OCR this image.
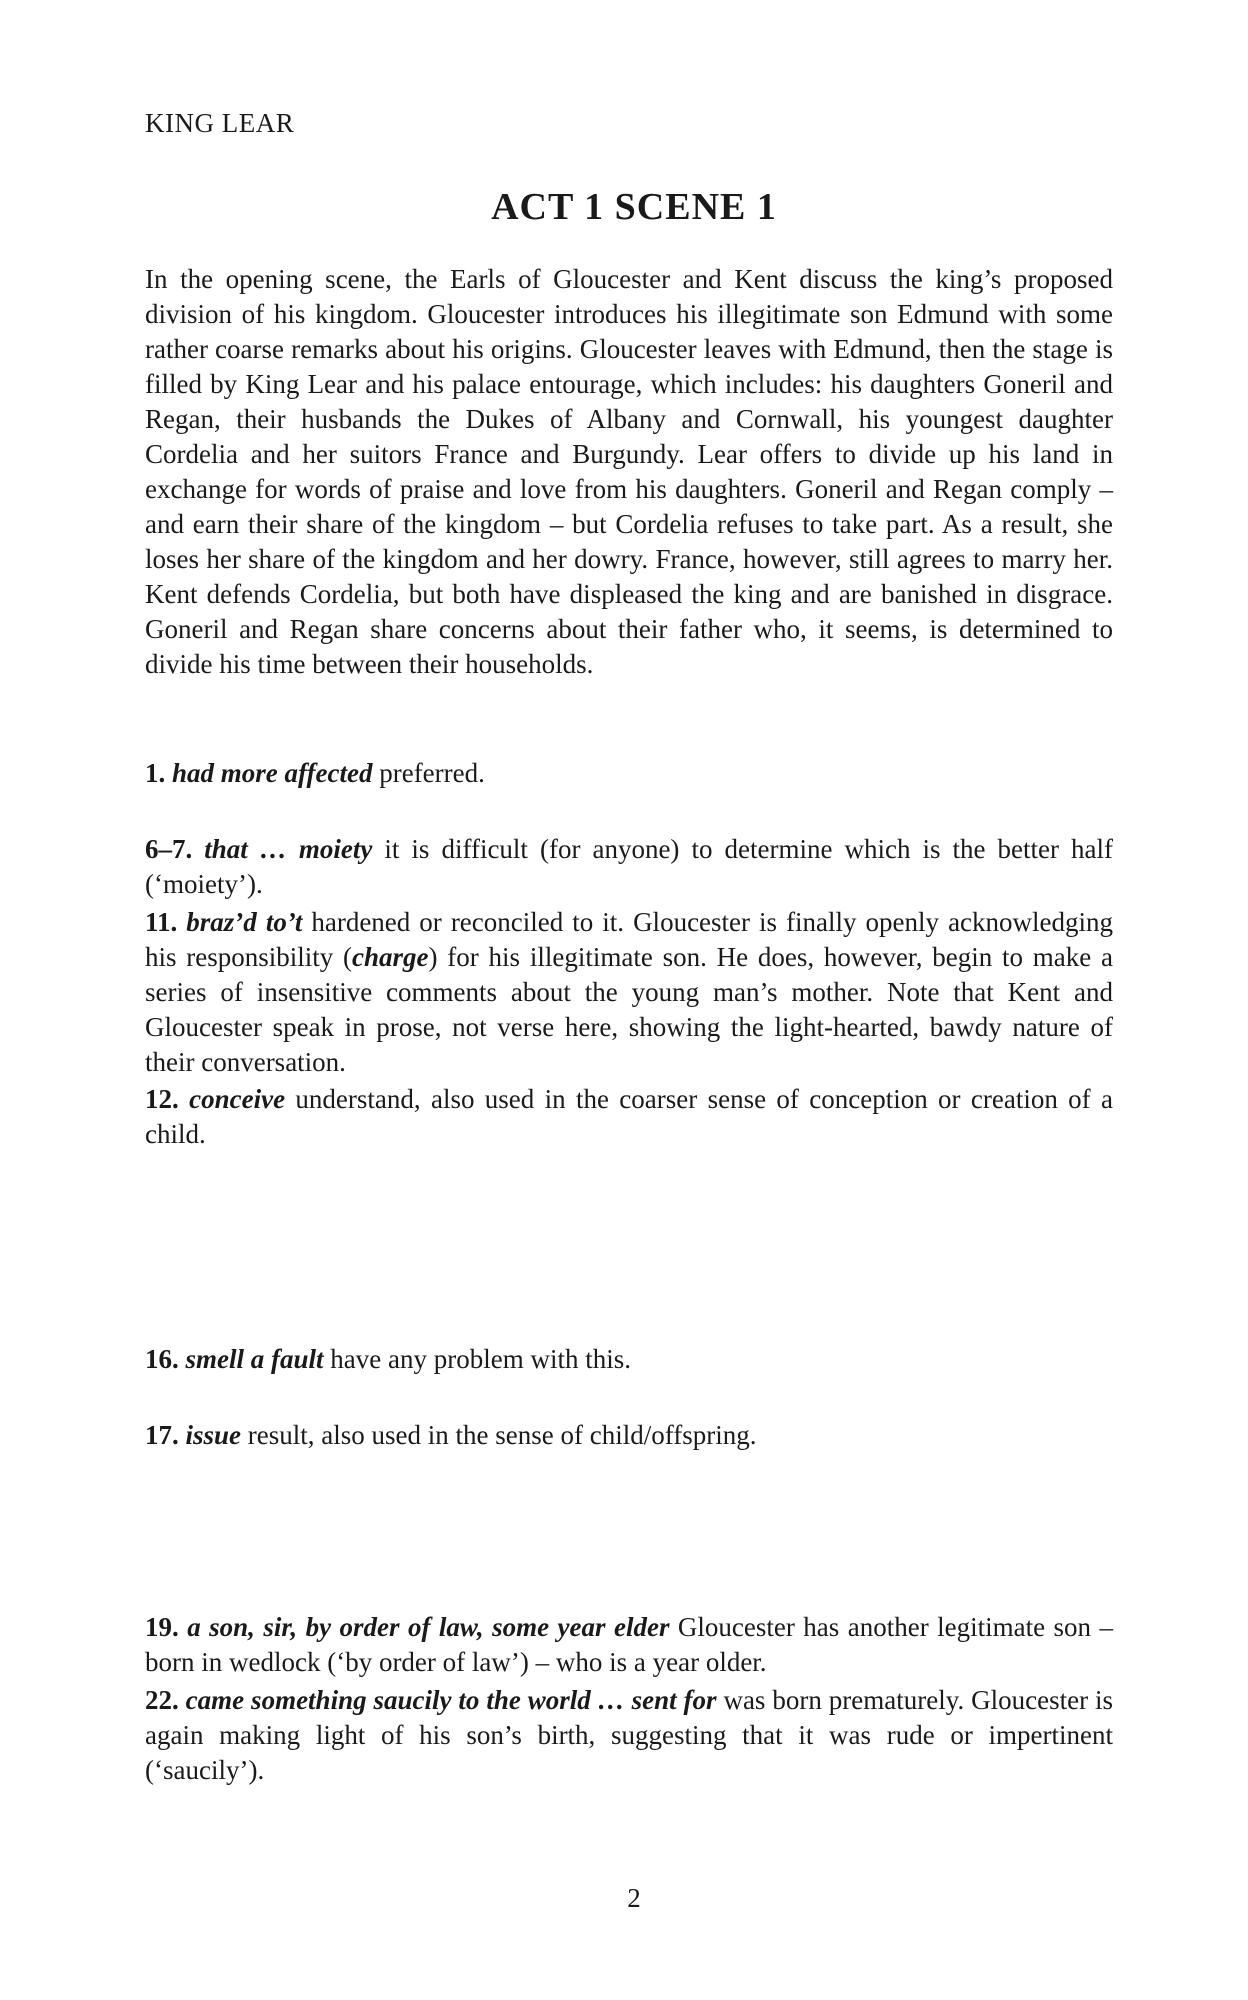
KING LEAR
ACT 1 SCENE 1
In the opening scene, the Earls of Gloucester and Kent discuss the king’s proposed division of his kingdom. Gloucester introduces his illegitimate son Edmund with some rather coarse remarks about his origins. Gloucester leaves with Edmund, then the stage is filled by King Lear and his palace entourage, which includes: his daughters Goneril and Regan, their husbands the Dukes of Albany and Cornwall, his youngest daughter Cordelia and her suitors France and Burgundy. Lear offers to divide up his land in exchange for words of praise and love from his daughters. Goneril and Regan comply – and earn their share of the kingdom – but Cordelia refuses to take part. As a result, she loses her share of the kingdom and her dowry. France, however, still agrees to marry her. Kent defends Cordelia, but both have displeased the king and are banished in disgrace. Goneril and Regan share concerns about their father who, it seems, is determined to divide his time between their households.

1. had more affected preferred.

6–7. that … moiety it is difficult (for anyone) to determine which is the better half (‘moiety’).

11. braz’d to’t hardened or reconciled to it. Gloucester is finally openly acknowledging his responsibility (charge) for his illegitimate son. He does, however, begin to make a series of insensitive comments about the young man’s mother. Note that Kent and Gloucester speak in prose, not verse here, showing the light-hearted, bawdy nature of their conversation.

12. conceive understand, also used in the coarser sense of conception or creation of a child.

16. smell a fault have any problem with this.

17. issue result, also used in the sense of child/offspring.

19. a son, sir, by order of law, some year elder Gloucester has another legitimate son – born in wedlock (‘by order of law’) – who is a year older.

22. came something saucily to the world … sent for was born prematurely. Gloucester is again making light of his son’s birth, suggesting that it was rude or impertinent (‘saucily’).

2
